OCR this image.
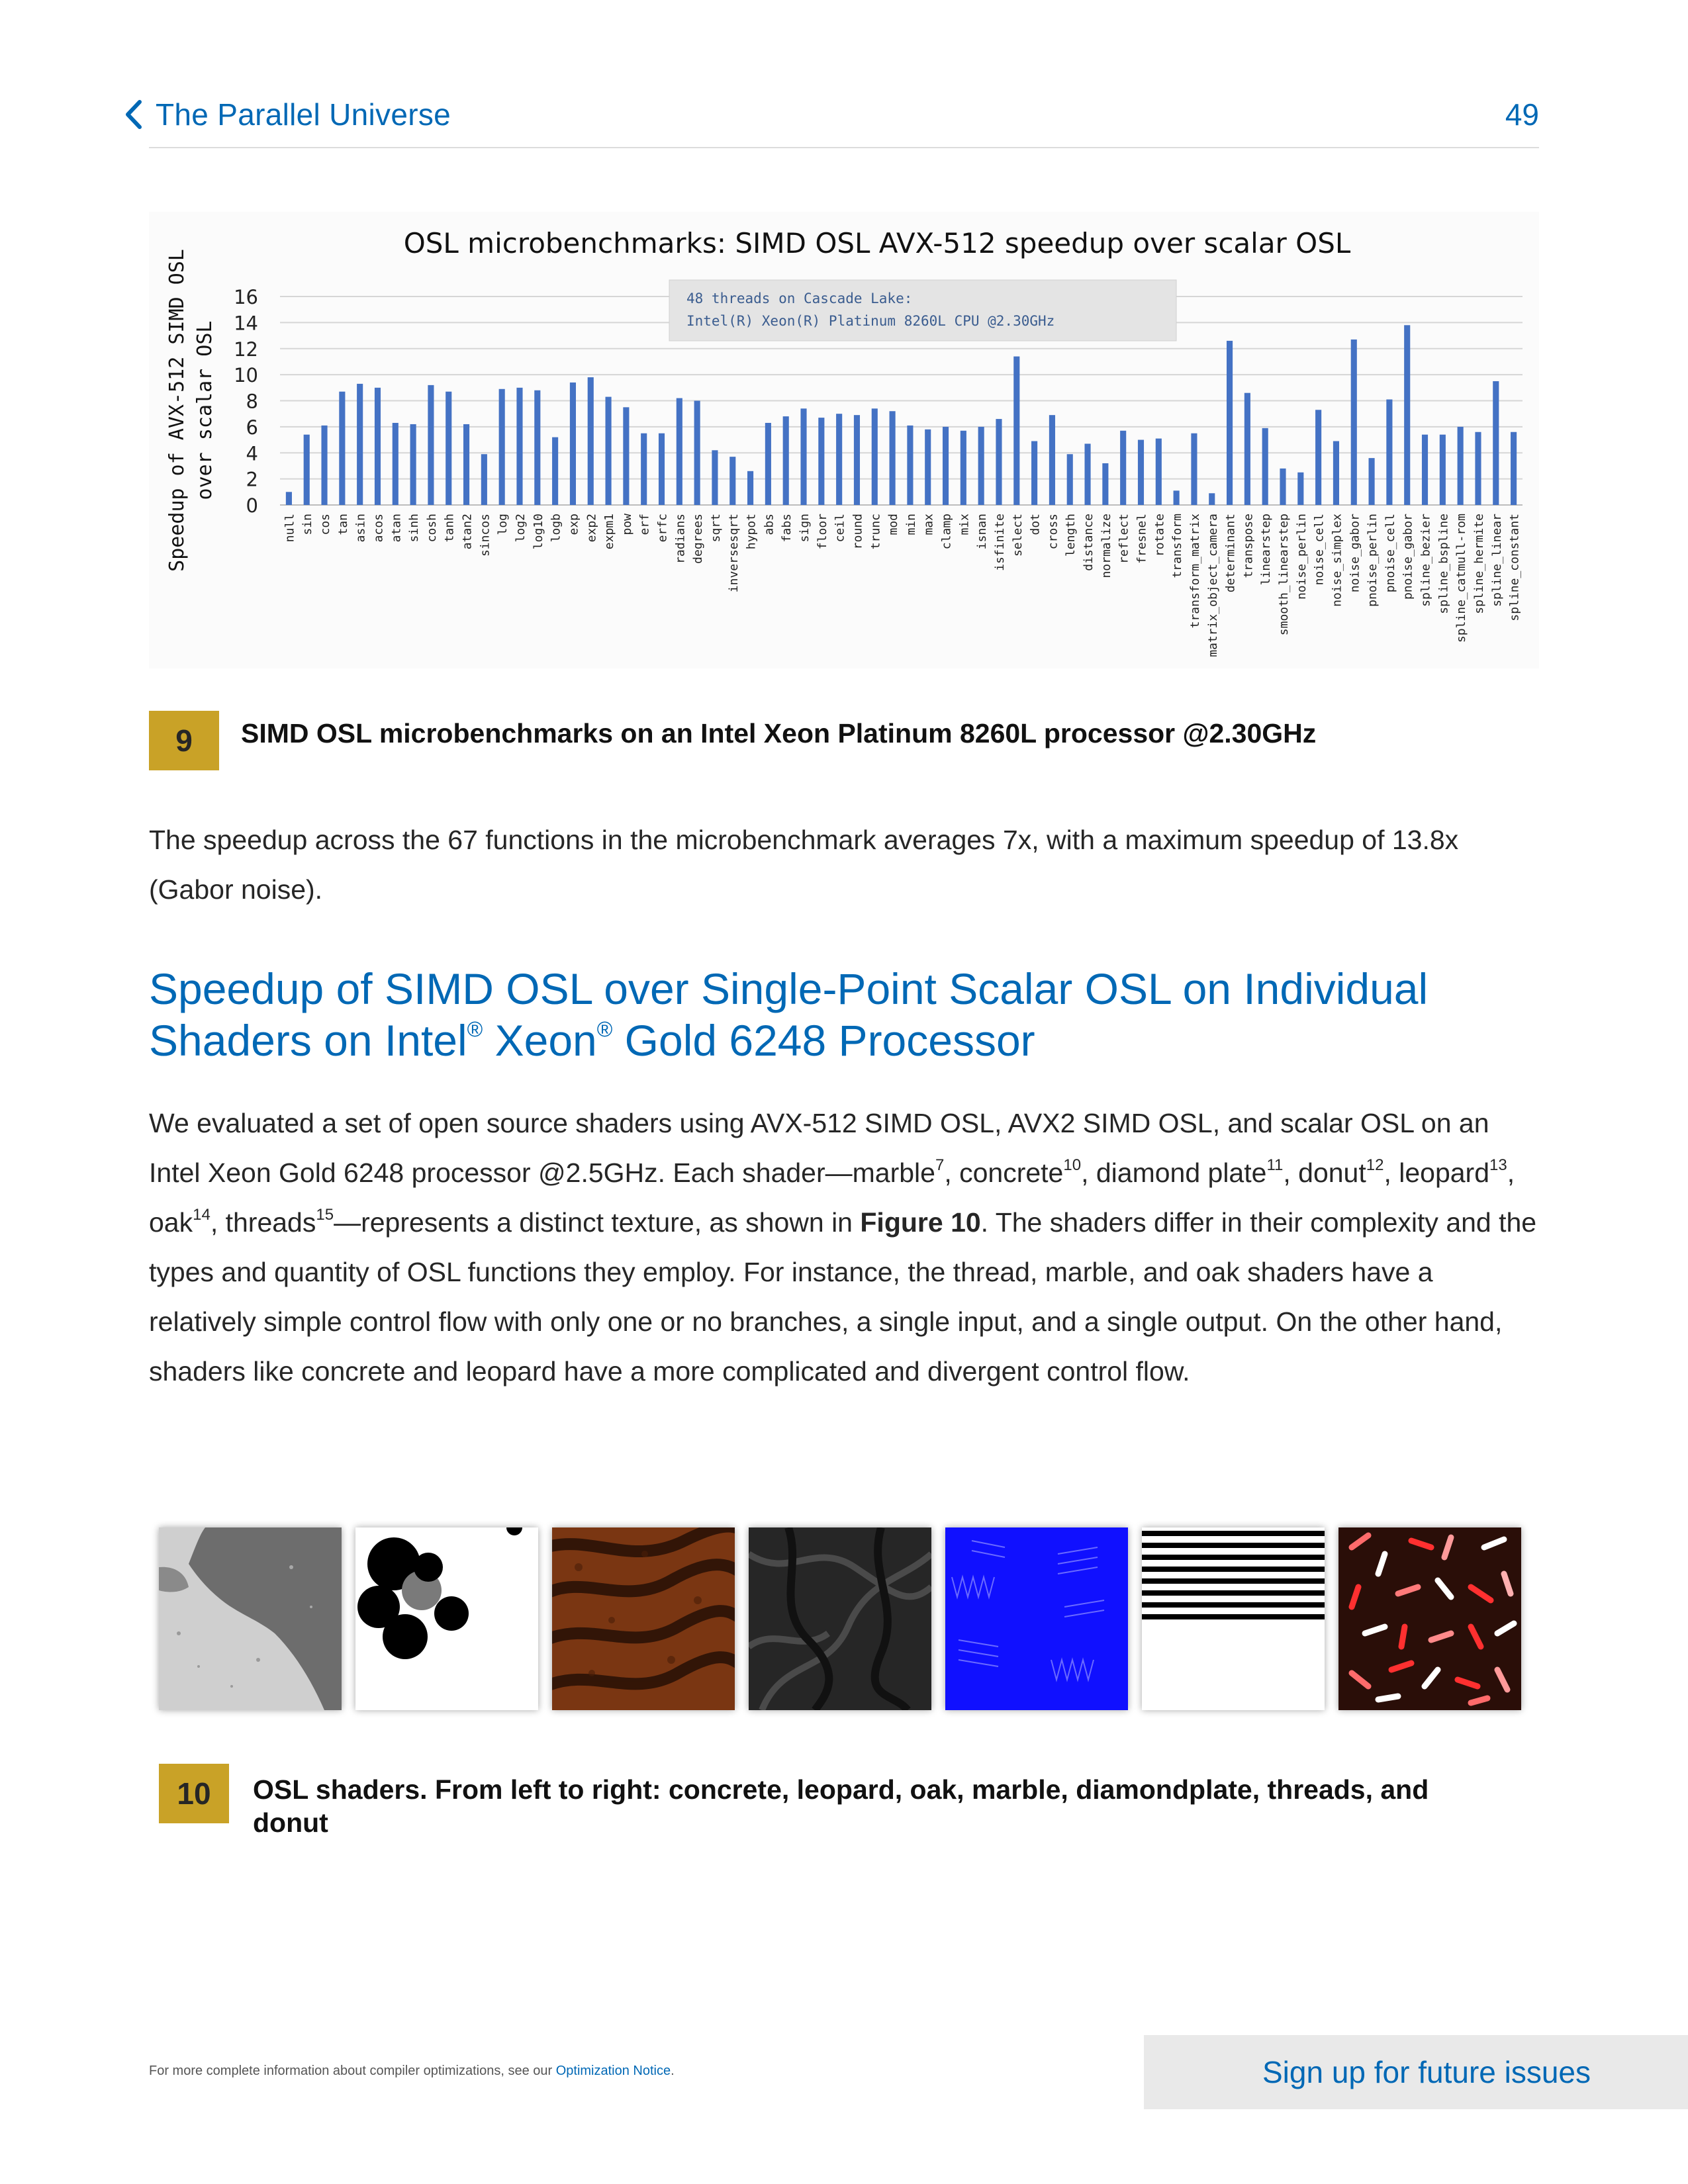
The Parallel Universe	49
OSL microbenchmarks: SIMD OSL AVX-512 speedup over scalar OSL
0
2
4
6
8
10
12
14
16
Speedup of AVX-512 SIMD OSL over scalar OSL
48 threads on Cascade Lake:
Intel(R) Xeon(R) Platinum 8260L CPU @2.30GHz
null sin cos tan asin acos atan sinh cosh tanh atan2 sincos log log2 log10 logb exp exp2 expm1 pow erf erfc radians degrees sqrt inversesqrt hypot abs fabs sign floor ceil round trunc mod min max clamp mix isnan isfinite select dot cross length distance normalize reflect fresnel rotate transform transform_matrix matrix_object_camera determinant transpose linearstep smooth_linearstep noise_perlin noise_cell noise_simplex noise_gabor pnoise_perlin pnoise_cell pnoise_gabor spline_bezier spline_bspline spline_catmull-rom spline_hermite spline_linear spline_constant
9	SIMD OSL microbenchmarks on an Intel Xeon Platinum 8260L processor @2.30GHz
The speedup across the 67 functions in the microbenchmark averages 7x, with a maximum speedup of 13.8x (Gabor noise).
Speedup of SIMD OSL over Single-Point Scalar OSL on Individual Shaders on Intel® Xeon® Gold 6248 Processor
We evaluated a set of open source shaders using AVX-512 SIMD OSL, AVX2 SIMD OSL, and scalar OSL on an Intel Xeon Gold 6248 processor @2.5GHz. Each shader—marble$^7$, concrete$^{10}$, diamond plate$^{11}$, donut$^{12}$, leopard$^{13}$, oak$^{14}$, threads$^{15}$—represents a distinct texture, as shown in Figure 10. The shaders differ in their complexity and the types and quantity of OSL functions they employ. For instance, the thread, marble, and oak shaders have a relatively simple control flow with only one or no branches, a single input, and a single output. On the other hand, shaders like concrete and leopard have a more complicated and divergent control flow.
10	OSL shaders. From left to right: concrete, leopard, oak, marble, diamondplate, threads, and donut
For more complete information about compiler optimizations, see our Optimization Notice.	Sign up for future issues
